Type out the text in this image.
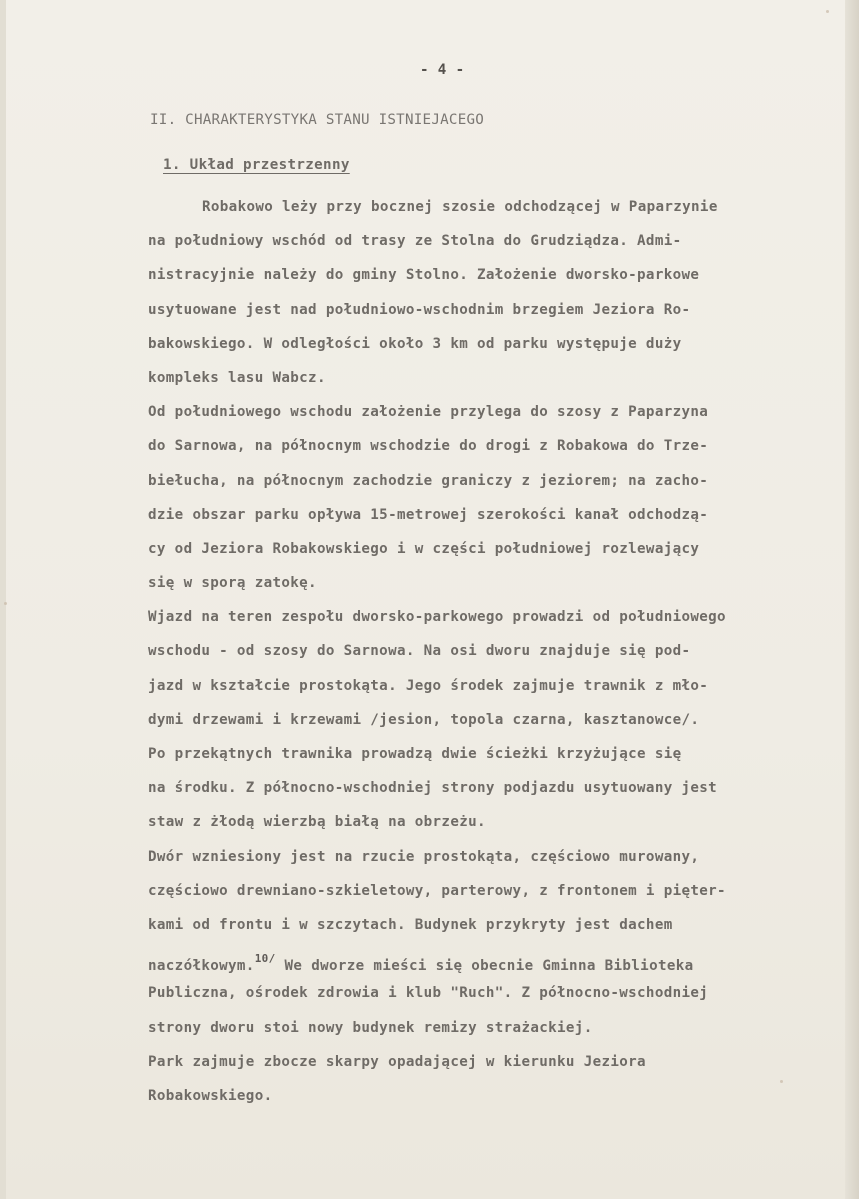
- 4 -
II. CHARAKTERYSTYKA STANU ISTNIEJACEGO
1. Układ przestrzenny
Robakowo leży przy bocznej szosie odchodzącej w Paparzynie
na południowy wschód od trasy ze Stolna do Grudziądza. Admi-
nistracyjnie należy do gminy Stolno. Założenie dworsko-parkowe
usytuowane jest nad południowo-wschodnim brzegiem Jeziora Ro-
bakowskiego. W odległości około 3 km od parku występuje duży
kompleks lasu Wabcz.
Od południowego wschodu założenie przylega do szosy z Paparzyna
do Sarnowa, na północnym wschodzie do drogi z Robakowa do Trze-
biełucha, na północnym zachodzie graniczy z jeziorem; na zacho-
dzie obszar parku opływa 15-metrowej szerokości kanał odchodzą-
cy od Jeziora Robakowskiego i w części południowej rozlewający
się w sporą zatokę.
Wjazd na teren zespołu dworsko-parkowego prowadzi od południowego
wschodu - od szosy do Sarnowa. Na osi dworu znajduje się pod-
jazd w kształcie prostokąta. Jego środek zajmuje trawnik z mło-
dymi drzewami i krzewami /jesion, topola czarna, kasztanowce/.
Po przekątnych trawnika prowadzą dwie ścieżki krzyżujące się
na środku. Z północno-wschodniej strony podjazdu usytuowany jest
staw z żłodą wierzbą białą na obrzeżu.
Dwór wzniesiony jest na rzucie prostokąta, częściowo murowany,
częściowo drewniano-szkieletowy, parterowy, z frontonem i pięter-
kami od frontu i w szczytach. Budynek przykryty jest dachem
naczółkowym.$^{10/}$ We dworze mieści się obecnie Gminna Biblioteka
Publiczna, ośrodek zdrowia i klub "Ruch". Z północno-wschodniej
strony dworu stoi nowy budynek remizy strażackiej.
Park zajmuje zbocze skarpy opadającej w kierunku Jeziora
Robakowskiego.
